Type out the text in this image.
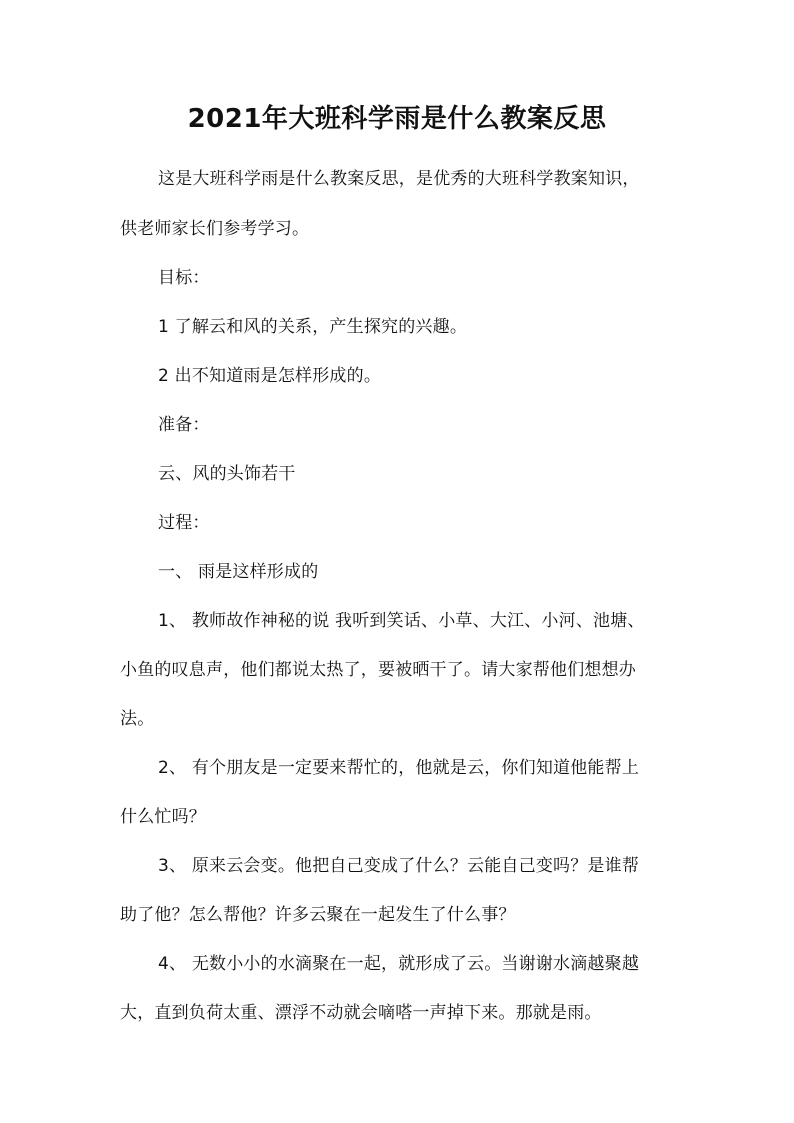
2021年大班科学雨是什么教案反思
这是大班科学雨是什么教案反思，是优秀的大班科学教案知识，
供老师家长们参考学习。
目标：
1 了解云和风的关系，产生探究的兴趣。
2 出不知道雨是怎样形成的。
准备：
云、风的头饰若干
过程：
一、 雨是这样形成的
1、 教师故作神秘的说 我听到笑话、小草、大江、小河、池塘、
小鱼的叹息声，他们都说太热了，要被晒干了。请大家帮他们想想办
法。
2、 有个朋友是一定要来帮忙的，他就是云，你们知道他能帮上
什么忙吗？
3、 原来云会变。他把自己变成了什么？云能自己变吗？是谁帮
助了他？怎么帮他？许多云聚在一起发生了什么事？
4、 无数小小的水滴聚在一起，就形成了云。当谢谢水滴越聚越
大，直到负荷太重、漂浮不动就会嘀嗒一声掉下来。那就是雨。
